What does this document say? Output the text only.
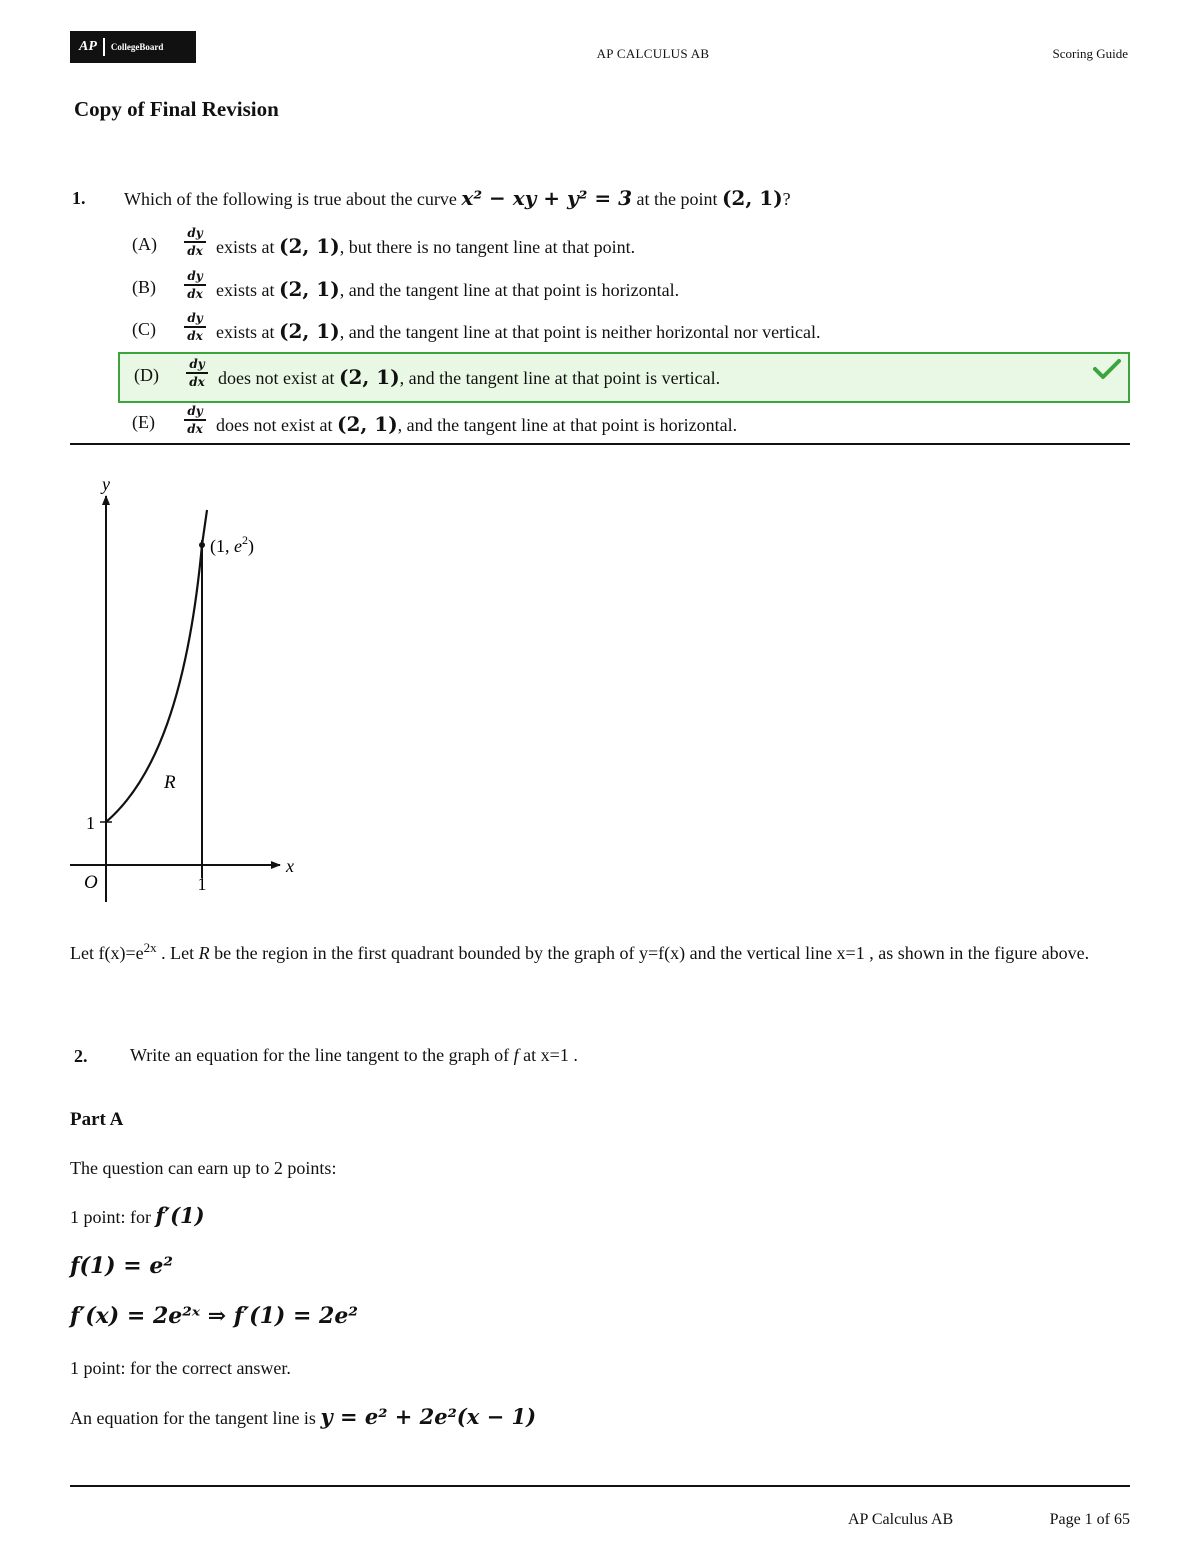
AP	CollegeBoard	AP CALCULUS AB	Scoring Guide
Copy of Final Revision
1. Which of the following is true about the curve x² − xy + y² = 3 at the point (2, 1)?
(A)
dy
dx exists at (2, 1), but there is no tangent line at that point.
(B)
dy
dx exists at (2, 1), and the tangent line at that point is horizontal.
(C)
dy
dx exists at (2, 1), and the tangent line at that point is neither horizontal nor vertical.
(D)
dy
dx does not exist at (2, 1), and the tangent line at that point is vertical.
(E)
dy
dx does not exist at (2, 1), and the tangent line at that point is horizontal.
y
x
O
1
1
(1, $e^2$)
R
Let $f(x)=e^{2x}$ . Let R be the region in the first quadrant bounded by the graph of y=f(x) and the vertical line x=1 , as shown in the figure above.
2. Write an equation for the line tangent to the graph of f at x=1 .
Part A
The question can earn up to 2 points:
1 point: for f′(1)
f(1) = e²
f′(x) = 2e²ˣ ⇒ f′(1) = 2e²
1 point: for the correct answer.
An equation for the tangent line is y = e² + 2e²(x − 1)
AP Calculus AB	Page 1 of 65
